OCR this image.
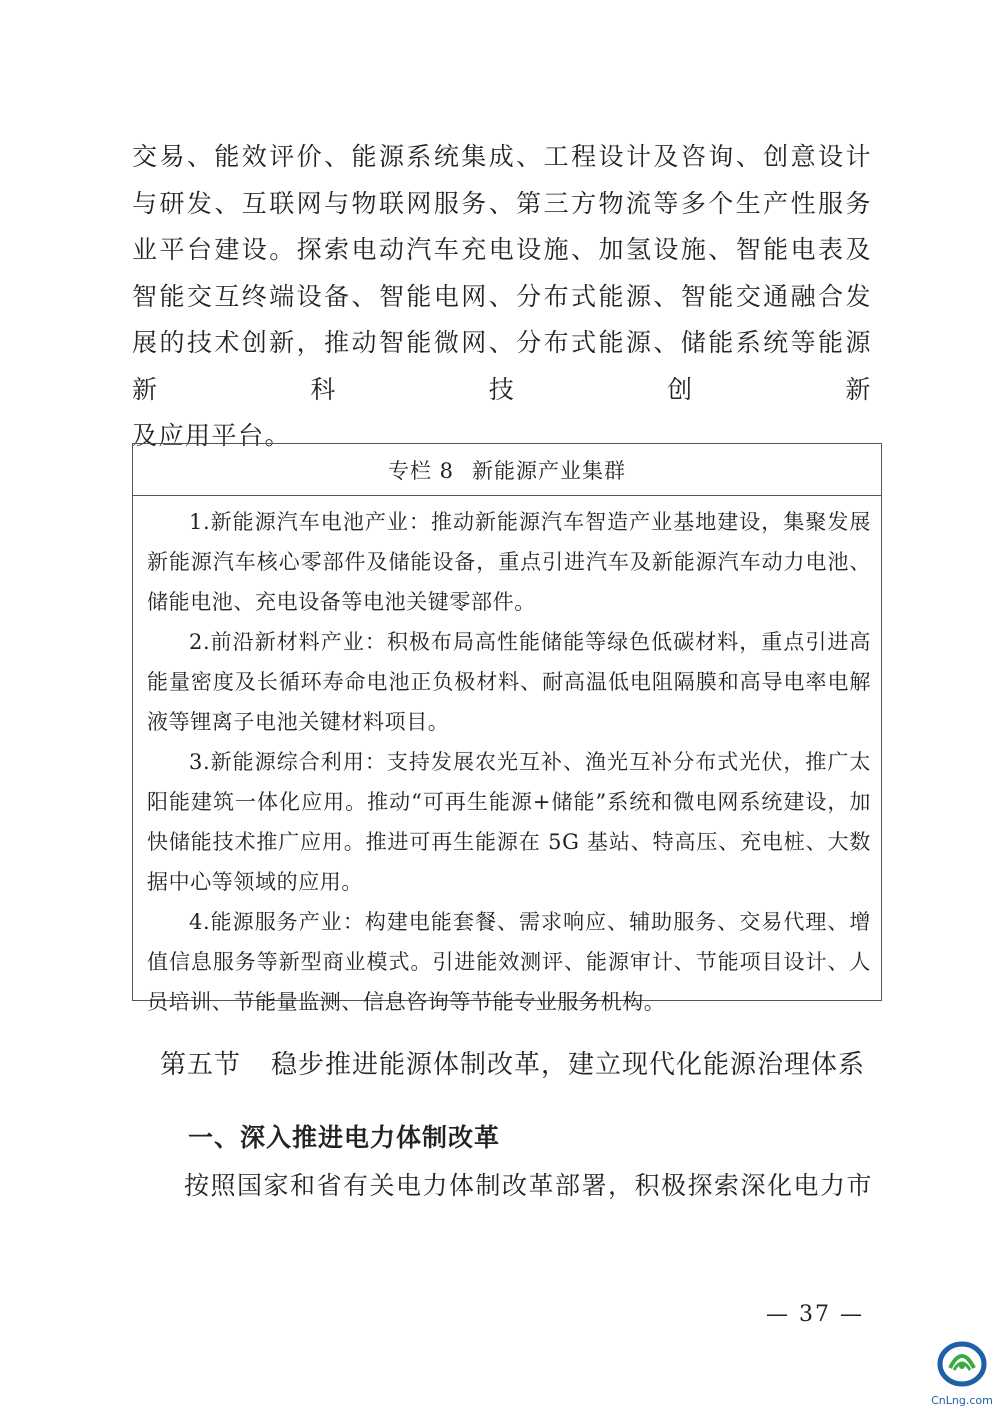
交易、能效评价、能源系统集成、工程设计及咨询、创意设计与研发、互联网与物联网服务、第三方物流等多个生产性服务业平台建设。探索电动汽车充电设施、加氢设施、智能电表及智能交互终端设备、智能电网、分布式能源、智能交通融合发展的技术创新，推动智能微网、分布式能源、储能系统等能源新科技创新
及应用平台。

专栏 8 新能源产业集群

1.新能源汽车电池产业：推动新能源汽车智造产业基地建设，集聚发展新能源汽车核心零部件及储能设备，重点引进汽车及新能源汽车动力电池、储能电池、充电设备等电池关键零部件。

2.前沿新材料产业：积极布局高性能储能等绿色低碳材料，重点引进高能量密度及长循环寿命电池正负极材料、耐高温低电阻隔膜和高导电率电解液等锂离子电池关键材料项目。

3.新能源综合利用：支持发展农光互补、渔光互补分布式光伏，推广太阳能建筑一体化应用。推动“可再生能源+储能”系统和微电网系统建设，加快储能技术推广应用。推进可再生能源在 5G 基站、特高压、充电桩、大数据中心等领域的应用。

4.能源服务产业：构建电能套餐、需求响应、辅助服务、交易代理、增值信息服务等新型商业模式。引进能效测评、能源审计、节能项目设计、人员培训、节能量监测、信息咨询等节能专业服务机构。

第五节 稳步推进能源体制改革，建立现代化能源治理体系
一、深入推进电力体制改革
按照国家和省有关电力体制改革部署，积极探索深化电力市
— 37 —
CnLng.com
